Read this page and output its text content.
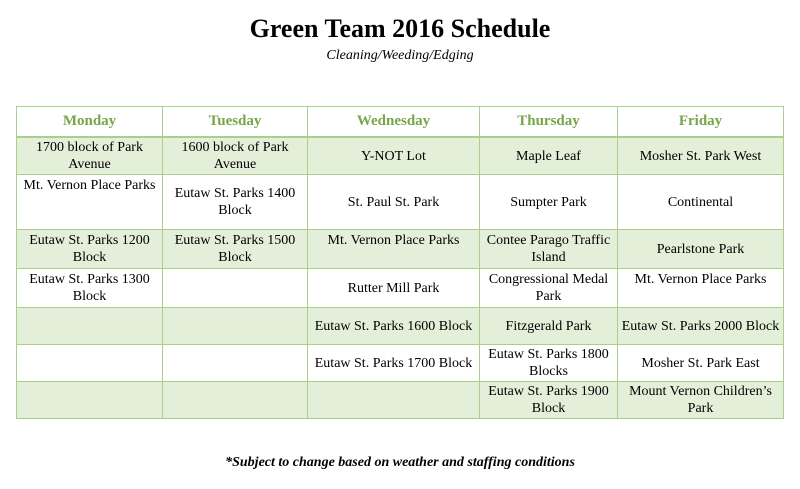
Green Team 2016 Schedule
Cleaning/Weeding/Edging
Monday	Tuesday	Wednesday	Thursday	Friday
1700 block of Park Avenue	1600 block of Park Avenue	Y-NOT Lot	Maple Leaf	Mosher St. Park West
Mt. Vernon Place Parks	Eutaw St. Parks 1400 Block	St. Paul St. Park	Sumpter Park	Continental
Eutaw St. Parks 1200 Block	Eutaw St. Parks 1500 Block	Mt. Vernon Place Parks	Contee Parago Traffic Island	Pearlstone Park
Eutaw St. Parks 1300 Block		Rutter Mill Park	Congressional Medal Park	Mt. Vernon Place Parks
		Eutaw St. Parks 1600 Block	Fitzgerald Park	Eutaw St. Parks 2000 Block
		Eutaw St. Parks 1700 Block	Eutaw St. Parks 1800 Blocks	Mosher St. Park East
			Eutaw St. Parks 1900 Block	Mount Vernon Children’s Park
*Subject to change based on weather and staffing conditions
